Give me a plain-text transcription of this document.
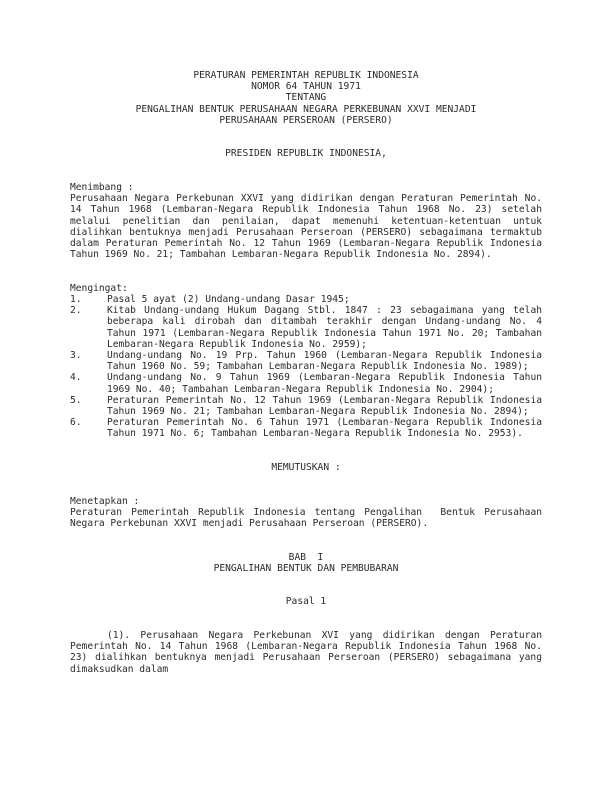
PERATURAN PEMERINTAH REPUBLIK INDONESIA
NOMOR 64 TAHUN 1971
TENTANG
PENGALIHAN BENTUK PERUSAHAAN NEGARA PERKEBUNAN XXVI MENJADI
PERUSAHAAN PERSEROAN (PERSERO)
PRESIDEN REPUBLIK INDONESIA,
Menimbang :
Perusahaan Negara Perkebunan XXVI yang didirikan dengan Peraturan Pemerintah No. 14 Tahun 1968 (Lembaran-Negara Republik Indonesia Tahun 1968 No. 23) setelah melalui penelitian dan penilaian, dapat memenuhi ketentuan-ketentuan untuk dialihkan bentuknya menjadi Perusahaan Perseroan (PERSERO) sebagaimana termaktub dalam Peraturan Pemerintah No. 12 Tahun 1969 (Lembaran-Negara Republik Indonesia Tahun 1969 No. 21; Tambahan Lembaran-Negara Republik Indonesia No. 2894).
Mengingat:
1.	Pasal 5 ayat (2) Undang-undang Dasar 1945;
2.	Kitab Undang-undang Hukum Dagang Stbl. 1847 : 23 sebagaimana yang telah beberapa kali dirobah dan ditambah terakhir dengan Undang-undang No. 4 Tahun 1971 (Lembaran-Negara Republik Indonesia Tahun 1971 No. 20; Tambahan Lembaran-Negara Republik Indonesia No. 2959);
3.	Undang-undang No. 19 Prp. Tahun 1960 (Lembaran-Negara Republik Indonesia Tahun 1960 No. 59; Tambahan Lembaran-Negara Republik Indonesia No. 1989);
4.	Undang-undang No. 9 Tahun 1969 (Lembaran-Negara Republik Indonesia Tahun 1969 No. 40; Tambahan Lembaran-Negara Republik Indonesia No. 2904);
5.	Peraturan Pemerintah No. 12 Tahun 1969 (Lembaran-Negara Republik Indonesia Tahun 1969 No. 21; Tambahan Lembaran-Negara Republik Indonesia No. 2894);
6.	Peraturan Pemerintah No. 6 Tahun 1971 (Lembaran-Negara Republik Indonesia Tahun 1971 No. 6; Tambahan Lembaran-Negara Republik Indonesia No. 2953).
MEMUTUSKAN :
Menetapkan :
Peraturan Pemerintah Republik Indonesia tentang Pengalihan  Bentuk Perusahaan  Negara Perkebunan XXVI menjadi Perusahaan Perseroan (PERSERO).
BAB  I
PENGALIHAN BENTUK DAN PEMBUBARAN
Pasal 1
(1). Perusahaan Negara Perkebunan XVI yang didirikan dengan Peraturan Pemerintah No. 14 Tahun 1968 (Lembaran-Negara Republik Indonesia Tahun 1968 No. 23) dialihkan bentuknya menjadi Perusahaan Perseroan (PERSERO) sebagaimana yang dimaksudkan dalam
